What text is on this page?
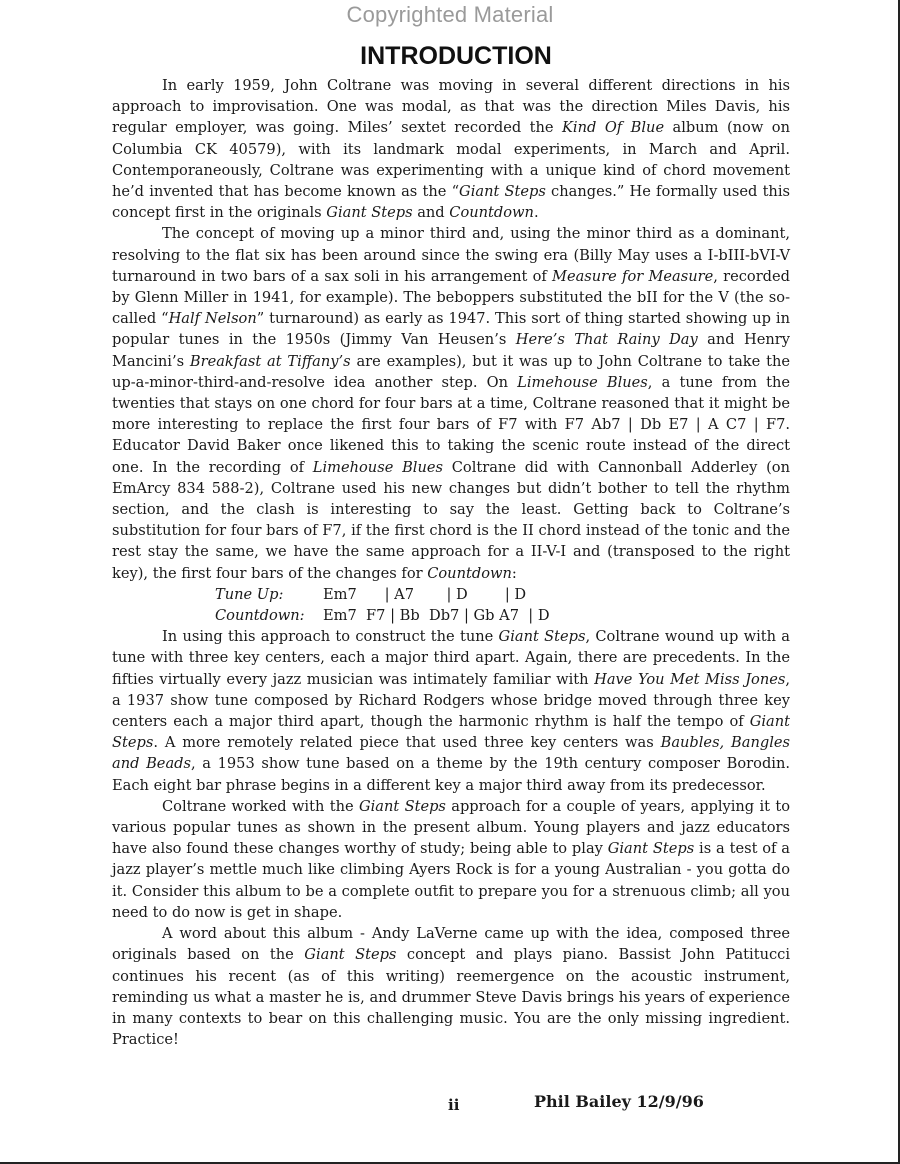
Copyrighted Material
INTRODUCTION

In early 1959, John Coltrane was moving in several different directions in his approach to improvisation. One was modal, as that was the direction Miles Davis, his regular employer, was going. Miles’ sextet recorded the Kind Of Blue album (now on Columbia CK 40579), with its landmark modal experiments, in March and April. Contemporaneously, Coltrane was experimenting with a unique kind of chord movement he’d invented that has become known as the “Giant Steps changes.” He formally used this concept first in the originals Giant Steps and Countdown.

The concept of moving up a minor third and, using the minor third as a dominant, resolving to the flat six has been around since the swing era (Billy May uses a I-bIII-bVI-V turnaround in two bars of a sax soli in his arrangement of Measure for Measure, recorded by Glenn Miller in 1941, for example). The beboppers substituted the bII for the V (the so-called “Half Nelson” turnaround) as early as 1947. This sort of thing started showing up in popular tunes in the 1950s (Jimmy Van Heusen’s Here’s That Rainy Day and Henry Mancini’s Breakfast at Tiffany’s are examples), but it was up to John Coltrane to take the up-a-minor-third-and-resolve idea another step. On Limehouse Blues, a tune from the twenties that stays on one chord for four bars at a time, Coltrane reasoned that it might be more interesting to replace the first four bars of F7 with F7 Ab7 | Db E7 | A C7 | F7. Educator David Baker once likened this to taking the scenic route instead of the direct one. In the recording of Limehouse Blues Coltrane did with Cannonball Adderley (on EmArcy 834 588-2), Coltrane used his new changes but didn’t bother to tell the rhythm section, and the clash is interesting to say the least. Getting back to Coltrane’s substitution for four bars of F7, if the first chord is the II chord instead of the tonic and the rest stay the same, we have the same approach for a II-V-I and (transposed to the right key), the first four bars of the changes for Countdown:

Tune Up:	Em7      | A7       | D        | D
Countdown:	Em7  F7 | Bb  Db7 | Gb A7  | D

In using this approach to construct the tune Giant Steps, Coltrane wound up with a tune with three key centers, each a major third apart. Again, there are precedents. In the fifties virtually every jazz musician was intimately familiar with Have You Met Miss Jones, a 1937 show tune composed by Richard Rodgers whose bridge moved through three key centers each a major third apart, though the harmonic rhythm is half the tempo of Giant Steps. A more remotely related piece that used three key centers was Baubles, Bangles and Beads, a 1953 show tune based on a theme by the 19th century composer Borodin. Each eight bar phrase begins in a different key a major third away from its predecessor.

Coltrane worked with the Giant Steps approach for a couple of years, applying it to various popular tunes as shown in the present album. Young players and jazz educators have also found these changes worthy of study; being able to play Giant Steps is a test of a jazz player’s mettle much like climbing Ayers Rock is for a young Australian - you gotta do it. Consider this album to be a complete outfit to prepare you for a strenuous climb; all you need to do now is get in shape.

A word about this album - Andy LaVerne came up with the idea, composed three originals based on the Giant Steps concept and plays piano. Bassist John Patitucci continues his recent (as of this writing) reemergence on the acoustic instrument, reminding us what a master he is, and drummer Steve Davis brings his years of experience in many contexts to bear on this challenging music. You are the only missing ingredient. Practice!

ii	Phil Bailey 12/9/96
